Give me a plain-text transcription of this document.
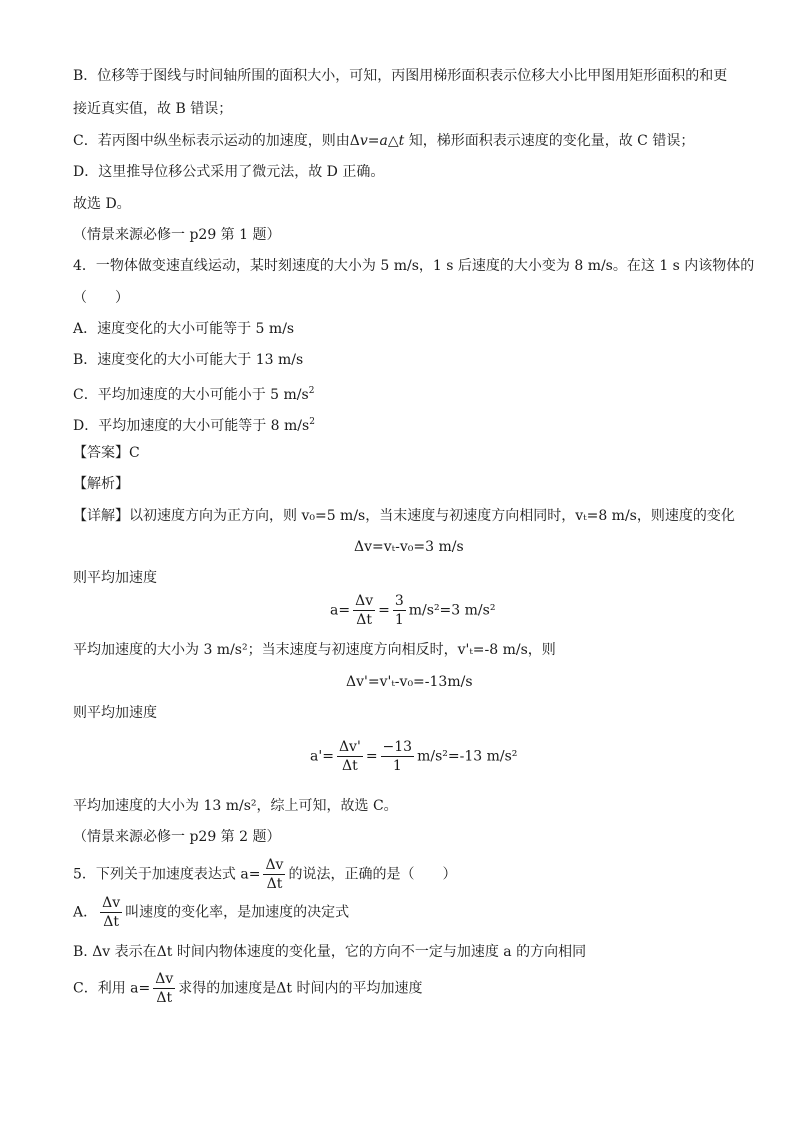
B．位移等于图线与时间轴所围的面积大小，可知，丙图用梯形面积表示位移大小比甲图用矩形面积的和更
接近真实值，故 B 错误；
C．若丙图中纵坐标表示运动的加速度，则由Δv=a△t 知，梯形面积表示速度的变化量，故 C 错误；
D．这里推导位移公式采用了微元法，故 D 正确。
故选 D。
（情景来源必修一 p29 第 1 题）
4．一物体做变速直线运动，某时刻速度的大小为 5 m/s，1 s 后速度的大小变为 8 m/s。在这 1 s 内该物体的
（　　）
A．速度变化的大小可能等于 5 m/s
B．速度变化的大小可能大于 13 m/s
C．平均加速度的大小可能小于 5 $m/s^2$
D．平均加速度的大小可能等于 8 $m/s^2$
【答案】C
【解析】
【详解】以初速度方向为正方向，则 v₀=5 m/s，当末速度与初速度方向相同时，vₜ=8 m/s，则速度的变化
Δv=vₜ-v₀=3 m/s
则平均加速度
$a= \frac{\Delta v}{\Delta t} = \frac{3}{1} m/s^2=3$ m/s²
平均加速度的大小为 3 m/s²；当末速度与初速度方向相反时，v'ₜ=-8 m/s，则
Δv'=v'ₜ-v₀=-13m/s
则平均加速度
$a'= \frac{\Delta v'}{\Delta t} = \frac{-13}{1} m/s^2=-13$ m/s²
平均加速度的大小为 13 m/s²，综上可知，故选 C。
（情景来源必修一 p29 第 2 题）
5．下列关于加速度表达式 $a= \frac{\Delta v}{\Delta t}$ 的说法，正确的是（　　）
A． $\frac{\Delta v}{\Delta t}$ 叫速度的变化率，是加速度的决定式
B. Δv 表示在Δt 时间内物体速度的变化量，它的方向不一定与加速度 a 的方向相同
C．利用 $a= \frac{\Delta v}{\Delta t}$ 求得的加速度是Δt 时间内的平均加速度
